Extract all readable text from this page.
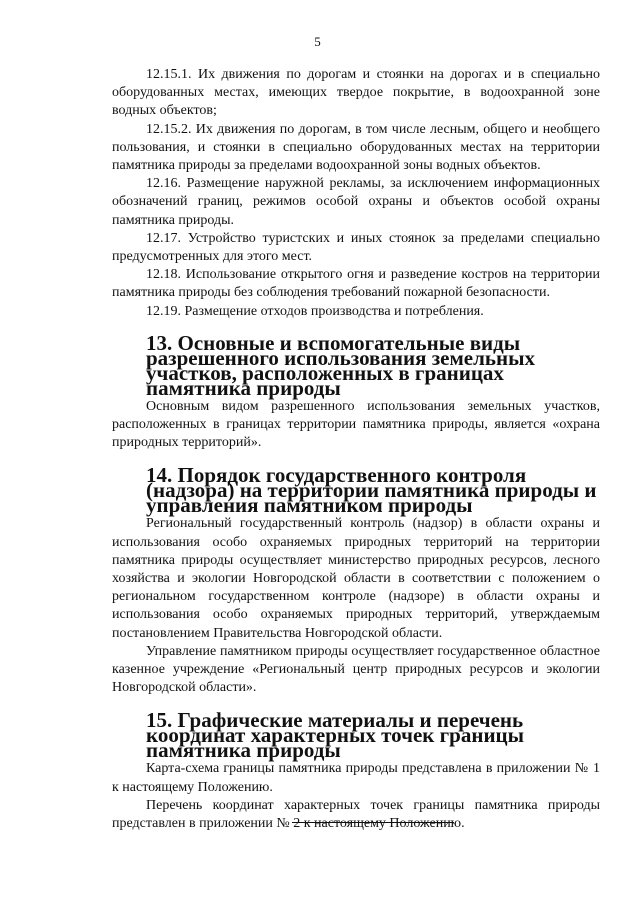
5

12.15.1. Их движения по дорогам и стоянки на дорогах и в специально оборудованных местах, имеющих твердое покрытие, в водоохранной зоне водных объектов;

12.15.2. Их движения по дорогам, в том числе лесным, общего и необщего пользования, и стоянки в специально оборудованных местах на территории памятника природы за пределами водоохранной зоны водных объектов.

12.16. Размещение наружной рекламы, за исключением информационных обозначений границ, режимов особой охраны и объектов особой охраны памятника природы.

12.17. Устройство туристских и иных стоянок за пределами специально предусмотренных для этого мест.

12.18. Использование открытого огня и разведение костров на территории памятника природы без соблюдения требований пожарной безопасности.

12.19. Размещение отходов производства и потребления.

13. Основные и вспомогательные виды разрешенного использования земельных участков, расположенных в границах памятника природы

Основным видом разрешенного использования земельных участков, расположенных в границах территории памятника природы, является «охрана природных территорий».

14. Порядок государственного контроля (надзора) на территории памятника природы и управления памятником природы

Региональный государственный контроль (надзор) в области охраны и использования особо охраняемых природных территорий на территории памятника природы осуществляет министерство природных ресурсов, лесного хозяйства и экологии Новгородской области в соответствии с положением о региональном государственном контроле (надзоре) в области охраны и использования особо охраняемых природных территорий, утверждаемым постановлением Правительства Новгородской области.

Управление памятником природы осуществляет государственное областное казенное учреждение «Региональный центр природных ресурсов и экологии Новгородской области».

15. Графические материалы и перечень координат характерных точек границы памятника природы

Карта-схема границы памятника природы представлена в приложении № 1 к настоящему Положению.

Перечень координат характерных точек границы памятника природы представлен в приложении № 2 к настоящему Положению.
